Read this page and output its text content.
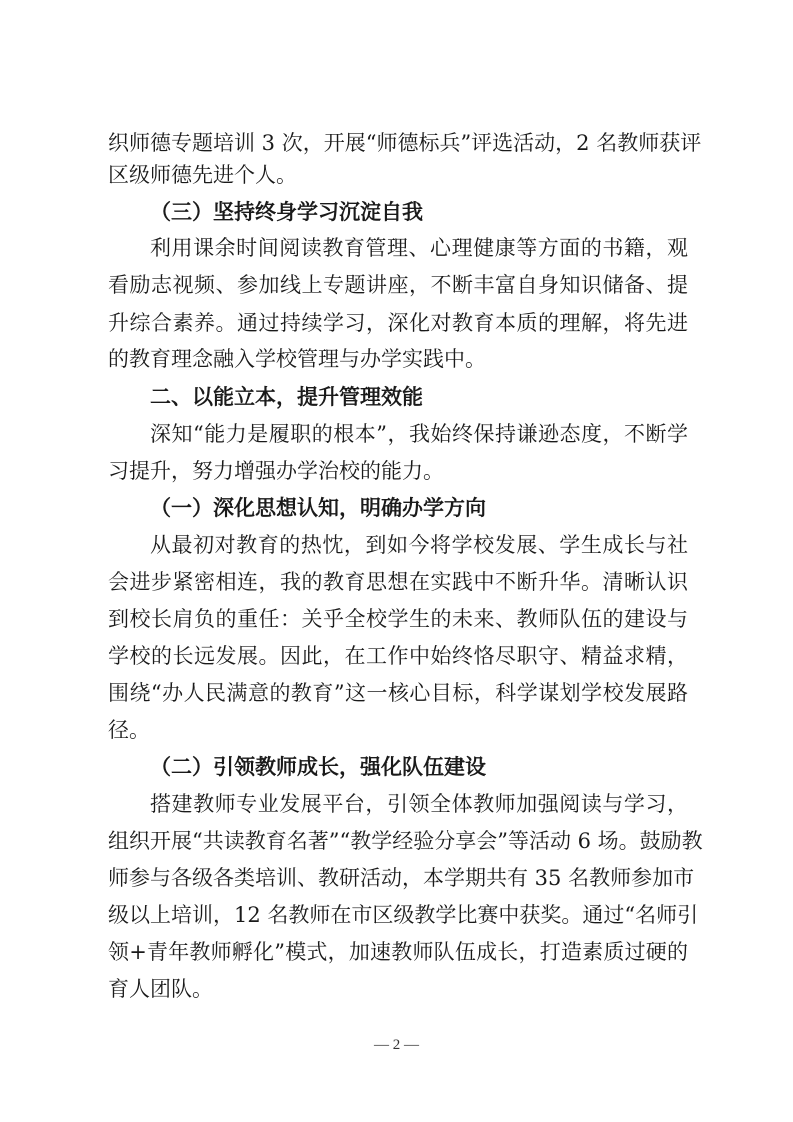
织师德专题培训 3 次，开展“师德标兵”评选活动，2 名教师获评
区级师德先进个人。
（三）坚持终身学习沉淀自我
利用课余时间阅读教育管理、心理健康等方面的书籍，观
看励志视频、参加线上专题讲座，不断丰富自身知识储备、提
升综合素养。通过持续学习，深化对教育本质的理解，将先进
的教育理念融入学校管理与办学实践中。
二、以能立本，提升管理效能
深知“能力是履职的根本”，我始终保持谦逊态度，不断学
习提升，努力增强办学治校的能力。
（一）深化思想认知，明确办学方向
从最初对教育的热忱，到如今将学校发展、学生成长与社
会进步紧密相连，我的教育思想在实践中不断升华。清晰认识
到校长肩负的重任：关乎全校学生的未来、教师队伍的建设与
学校的长远发展。因此，在工作中始终恪尽职守、精益求精，
围绕“办人民满意的教育”这一核心目标，科学谋划学校发展路
径。
（二）引领教师成长，强化队伍建设
搭建教师专业发展平台，引领全体教师加强阅读与学习，
组织开展“共读教育名著”“教学经验分享会”等活动 6 场。鼓励教
师参与各级各类培训、教研活动，本学期共有 35 名教师参加市
级以上培训，12 名教师在市区级教学比赛中获奖。通过“名师引
领+青年教师孵化”模式，加速教师队伍成长，打造素质过硬的
育人团队。
— 2 —
